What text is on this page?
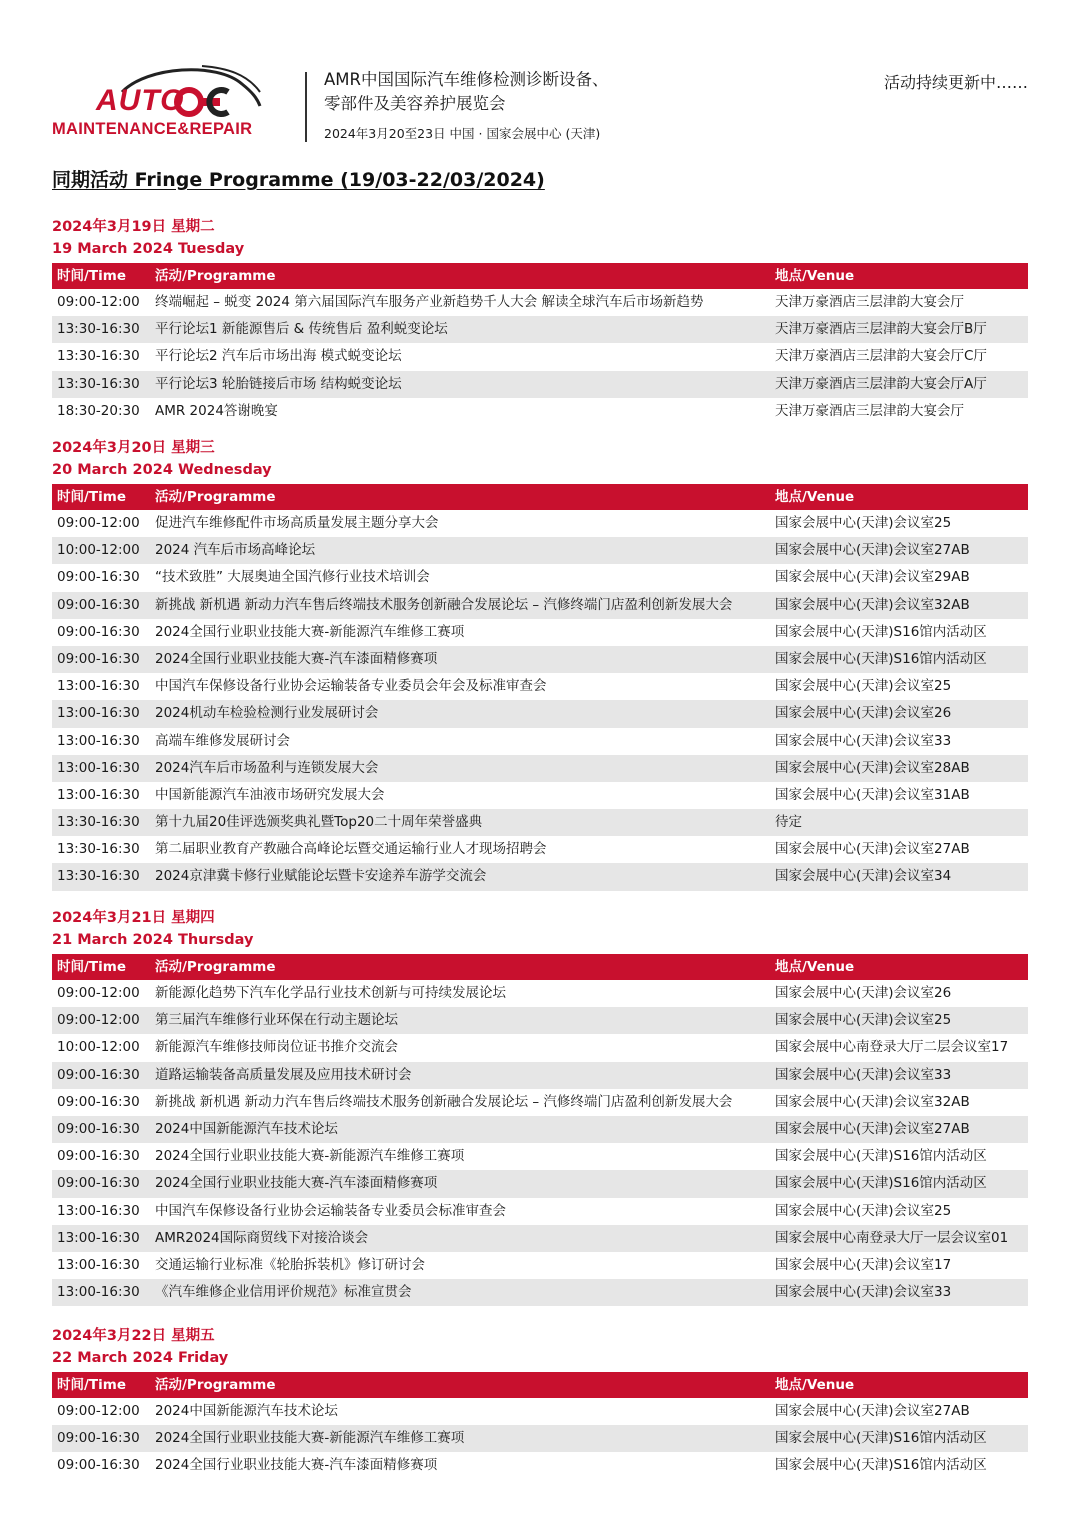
AUTO
MAINTENANCE&REPAIR
AMR中国国际汽车维修检测诊断设备、
零部件及美容养护展览会
2024年3月20至23日 中国 · 国家会展中心 (天津)
活动持续更新中……
同期活动 Fringe Programme (19/03-22/03/2024)
2024年3月19日 星期二
19 March 2024 Tuesday
时间/Time 活动/Programme	地点/Venue
09:00-12:00 终端崛起 – 蜕变 2024 第六届国际汽车服务产业新趋势千人大会 解读全球汽车后市场新趋势	天津万豪酒店三层津韵大宴会厅
13:30-16:30 平行论坛1 新能源售后 & 传统售后 盈利蜕变论坛	天津万豪酒店三层津韵大宴会厅B厅
13:30-16:30 平行论坛2 汽车后市场出海 模式蜕变论坛	天津万豪酒店三层津韵大宴会厅C厅
13:30-16:30 平行论坛3 轮胎链接后市场 结构蜕变论坛	天津万豪酒店三层津韵大宴会厅A厅
18:30-20:30 AMR 2024答谢晚宴	天津万豪酒店三层津韵大宴会厅
2024年3月20日 星期三
20 March 2024 Wednesday
时间/Time 活动/Programme	地点/Venue
09:00-12:00 促进汽车维修配件市场高质量发展主题分享大会	国家会展中心(天津)会议室25
10:00-12:00 2024 汽车后市场高峰论坛	国家会展中心(天津)会议室27AB
09:00-16:30 “技术致胜” 大展奥迪全国汽修行业技术培训会	国家会展中心(天津)会议室29AB
09:00-16:30 新挑战 新机遇 新动力汽车售后终端技术服务创新融合发展论坛 – 汽修终端门店盈利创新发展大会	国家会展中心(天津)会议室32AB
09:00-16:30 2024全国行业职业技能大赛-新能源汽车维修工赛项	国家会展中心(天津)S16馆内活动区
09:00-16:30 2024全国行业职业技能大赛-汽车漆面精修赛项	国家会展中心(天津)S16馆内活动区
13:00-16:30 中国汽车保修设备行业协会运输装备专业委员会年会及标准审查会	国家会展中心(天津)会议室25
13:00-16:30 2024机动车检验检测行业发展研讨会	国家会展中心(天津)会议室26
13:00-16:30 高端车维修发展研讨会	国家会展中心(天津)会议室33
13:00-16:30 2024汽车后市场盈利与连锁发展大会	国家会展中心(天津)会议室28AB
13:00-16:30 中国新能源汽车油液市场研究发展大会	国家会展中心(天津)会议室31AB
13:30-16:30 第十九届20佳评选颁奖典礼暨Top20二十周年荣誉盛典	待定
13:30-16:30 第二届职业教育产教融合高峰论坛暨交通运输行业人才现场招聘会	国家会展中心(天津)会议室27AB
13:30-16:30 2024京津冀卡修行业赋能论坛暨卡安途养车游学交流会	国家会展中心(天津)会议室34
2024年3月21日 星期四
21 March 2024 Thursday
时间/Time 活动/Programme	地点/Venue
09:00-12:00 新能源化趋势下汽车化学品行业技术创新与可持续发展论坛	国家会展中心(天津)会议室26
09:00-12:00 第三届汽车维修行业环保在行动主题论坛	国家会展中心(天津)会议室25
10:00-12:00 新能源汽车维修技师岗位证书推介交流会	国家会展中心南登录大厅二层会议室17
09:00-16:30 道路运输装备高质量发展及应用技术研讨会	国家会展中心(天津)会议室33
09:00-16:30 新挑战 新机遇 新动力汽车售后终端技术服务创新融合发展论坛 – 汽修终端门店盈利创新发展大会	国家会展中心(天津)会议室32AB
09:00-16:30 2024中国新能源汽车技术论坛	国家会展中心(天津)会议室27AB
09:00-16:30 2024全国行业职业技能大赛-新能源汽车维修工赛项	国家会展中心(天津)S16馆内活动区
09:00-16:30 2024全国行业职业技能大赛-汽车漆面精修赛项	国家会展中心(天津)S16馆内活动区
13:00-16:30 中国汽车保修设备行业协会运输装备专业委员会标准审查会	国家会展中心(天津)会议室25
13:00-16:30 AMR2024国际商贸线下对接洽谈会	国家会展中心南登录大厅一层会议室01
13:00-16:30 交通运输行业标准《轮胎拆装机》修订研讨会	国家会展中心(天津)会议室17
13:00-16:30 《汽车维修企业信用评价规范》标准宣贯会	国家会展中心(天津)会议室33
2024年3月22日 星期五
22 March 2024 Friday
时间/Time 活动/Programme	地点/Venue
09:00-12:00 2024中国新能源汽车技术论坛	国家会展中心(天津)会议室27AB
09:00-16:30 2024全国行业职业技能大赛-新能源汽车维修工赛项	国家会展中心(天津)S16馆内活动区
09:00-16:30 2024全国行业职业技能大赛-汽车漆面精修赛项	国家会展中心(天津)S16馆内活动区
